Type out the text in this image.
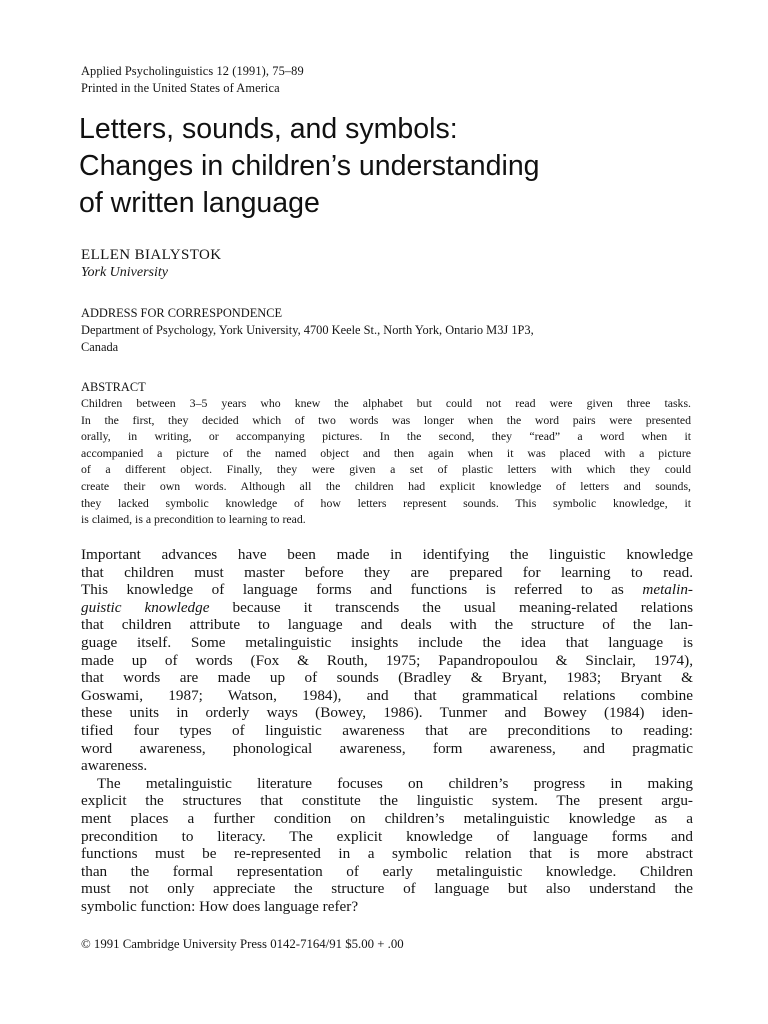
Applied Psycholinguistics 12 (1991), 75–89
Printed in the United States of America
Letters, sounds, and symbols:
Changes in children’s understanding
of written language
ELLEN BIALYSTOK
York University
ADDRESS FOR CORRESPONDENCE
Department of Psychology, York University, 4700 Keele St., North York, Ontario M3J 1P3,
Canada
ABSTRACT
Children between 3–5 years who knew the alphabet but could not read were given three tasks.
In the first, they decided which of two words was longer when the word pairs were presented
orally, in writing, or accompanying pictures. In the second, they “read” a word when it
accompanied a picture of the named object and then again when it was placed with a picture
of a different object. Finally, they were given a set of plastic letters with which they could
create their own words. Although all the children had explicit knowledge of letters and sounds,
they lacked symbolic knowledge of how letters represent sounds. This symbolic knowledge, it
is claimed, is a precondition to learning to read.
Important advances have been made in identifying the linguistic knowledge
that children must master before they are prepared for learning to read.
This knowledge of language forms and functions is referred to as metalin-
guistic knowledge because it transcends the usual meaning-related relations
that children attribute to language and deals with the structure of the lan-
guage itself. Some metalinguistic insights include the idea that language is
made up of words (Fox & Routh, 1975; Papandropoulou & Sinclair, 1974),
that words are made up of sounds (Bradley & Bryant, 1983; Bryant &
Goswami, 1987; Watson, 1984), and that grammatical relations combine
these units in orderly ways (Bowey, 1986). Tunmer and Bowey (1984) iden-
tified four types of linguistic awareness that are preconditions to reading:
word awareness, phonological awareness, form awareness, and pragmatic
awareness.
The metalinguistic literature focuses on children’s progress in making
explicit the structures that constitute the linguistic system. The present argu-
ment places a further condition on children’s metalinguistic knowledge as a
precondition to literacy. The explicit knowledge of language forms and
functions must be re-represented in a symbolic relation that is more abstract
than the formal representation of early metalinguistic knowledge. Children
must not only appreciate the structure of language but also understand the
symbolic function: How does language refer?
© 1991 Cambridge University Press 0142-7164/91 $5.00 + .00
